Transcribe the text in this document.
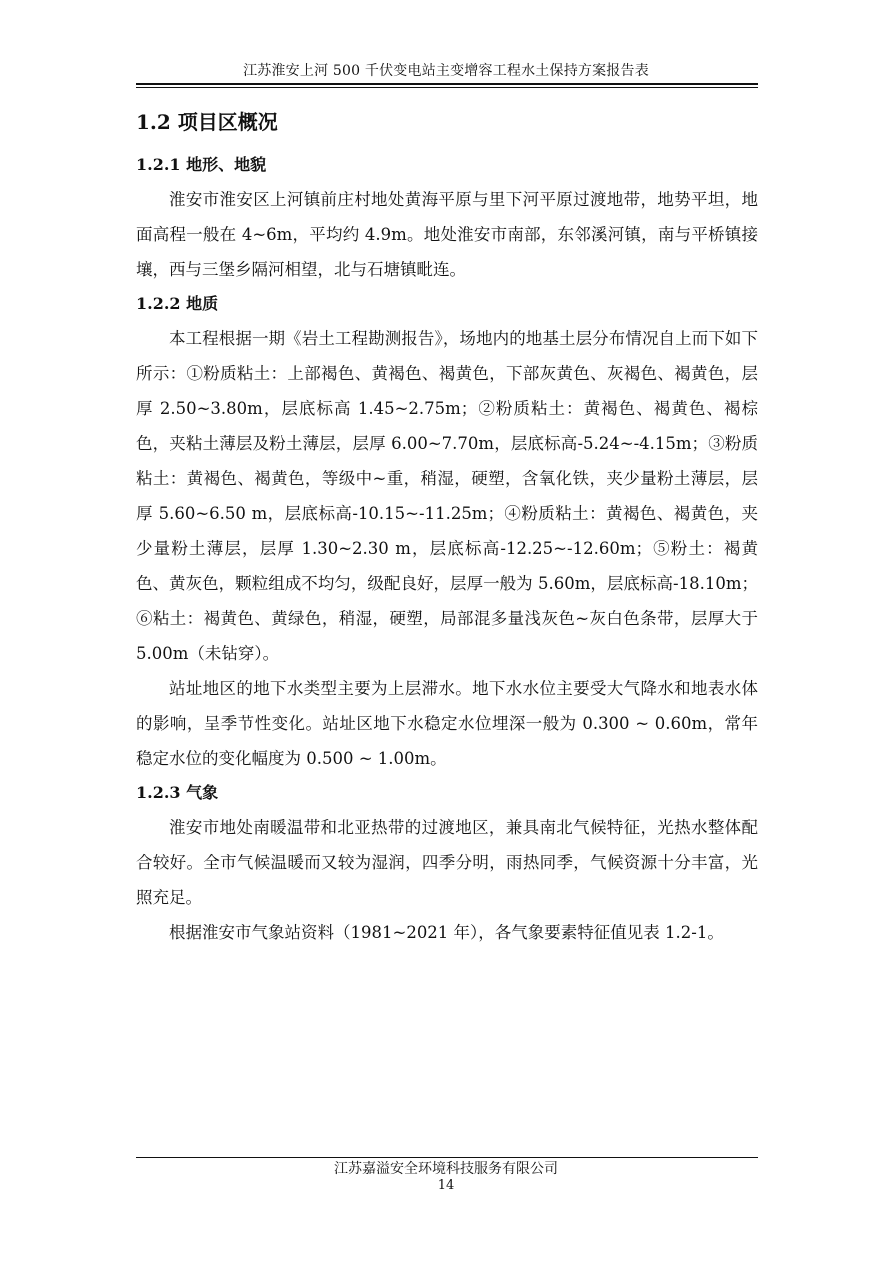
江苏淮安上河 500 千伏变电站主变增容工程水土保持方案报告表
1.2 项目区概况
1.2.1 地形、地貌

淮安市淮安区上河镇前庄村地处黄海平原与里下河平原过渡地带，地势平坦，地面高程一般在 4~6m，平均约 4.9m。地处淮安市南部，东邻溪河镇，南与平桥镇接壤，西与三堡乡隔河相望，北与石塘镇毗连。

1.2.2 地质

本工程根据一期《岩土工程勘测报告》，场地内的地基土层分布情况自上而下如下所示：①粉质粘土：上部褐色、黄褐色、褐黄色，下部灰黄色、灰褐色、褐黄色，层厚 2.50~3.80m，层底标高 1.45~2.75m；②粉质粘土：黄褐色、褐黄色、褐棕色，夹粘土薄层及粉土薄层，层厚 6.00~7.70m，层底标高-5.24~-4.15m；③粉质粘土：黄褐色、褐黄色，等级中~重，稍湿，硬塑，含氧化铁，夹少量粉土薄层，层厚 5.60~6.50 m，层底标高-10.15~-11.25m；④粉质粘土：黄褐色、褐黄色，夹少量粉土薄层，层厚 1.30~2.30 m，层底标高-12.25~-12.60m；⑤粉土：褐黄色、黄灰色，颗粒组成不均匀，级配良好，层厚一般为 5.60m，层底标高-18.10m；⑥粘土：褐黄色、黄绿色，稍湿，硬塑，局部混多量浅灰色~灰白色条带，层厚大于 5.00m（未钻穿）。

站址地区的地下水类型主要为上层滞水。地下水水位主要受大气降水和地表水体的影响，呈季节性变化。站址区地下水稳定水位埋深一般为 0.300 ~ 0.60m，常年稳定水位的变化幅度为 0.500 ~ 1.00m。

1.2.3 气象

淮安市地处南暖温带和北亚热带的过渡地区，兼具南北气候特征，光热水整体配合较好。全市气候温暖而又较为湿润，四季分明，雨热同季，气候资源十分丰富，光照充足。

根据淮安市气象站资料（1981~2021 年），各气象要素特征值见表 1.2-1。

江苏嘉溢安全环境科技服务有限公司
14
